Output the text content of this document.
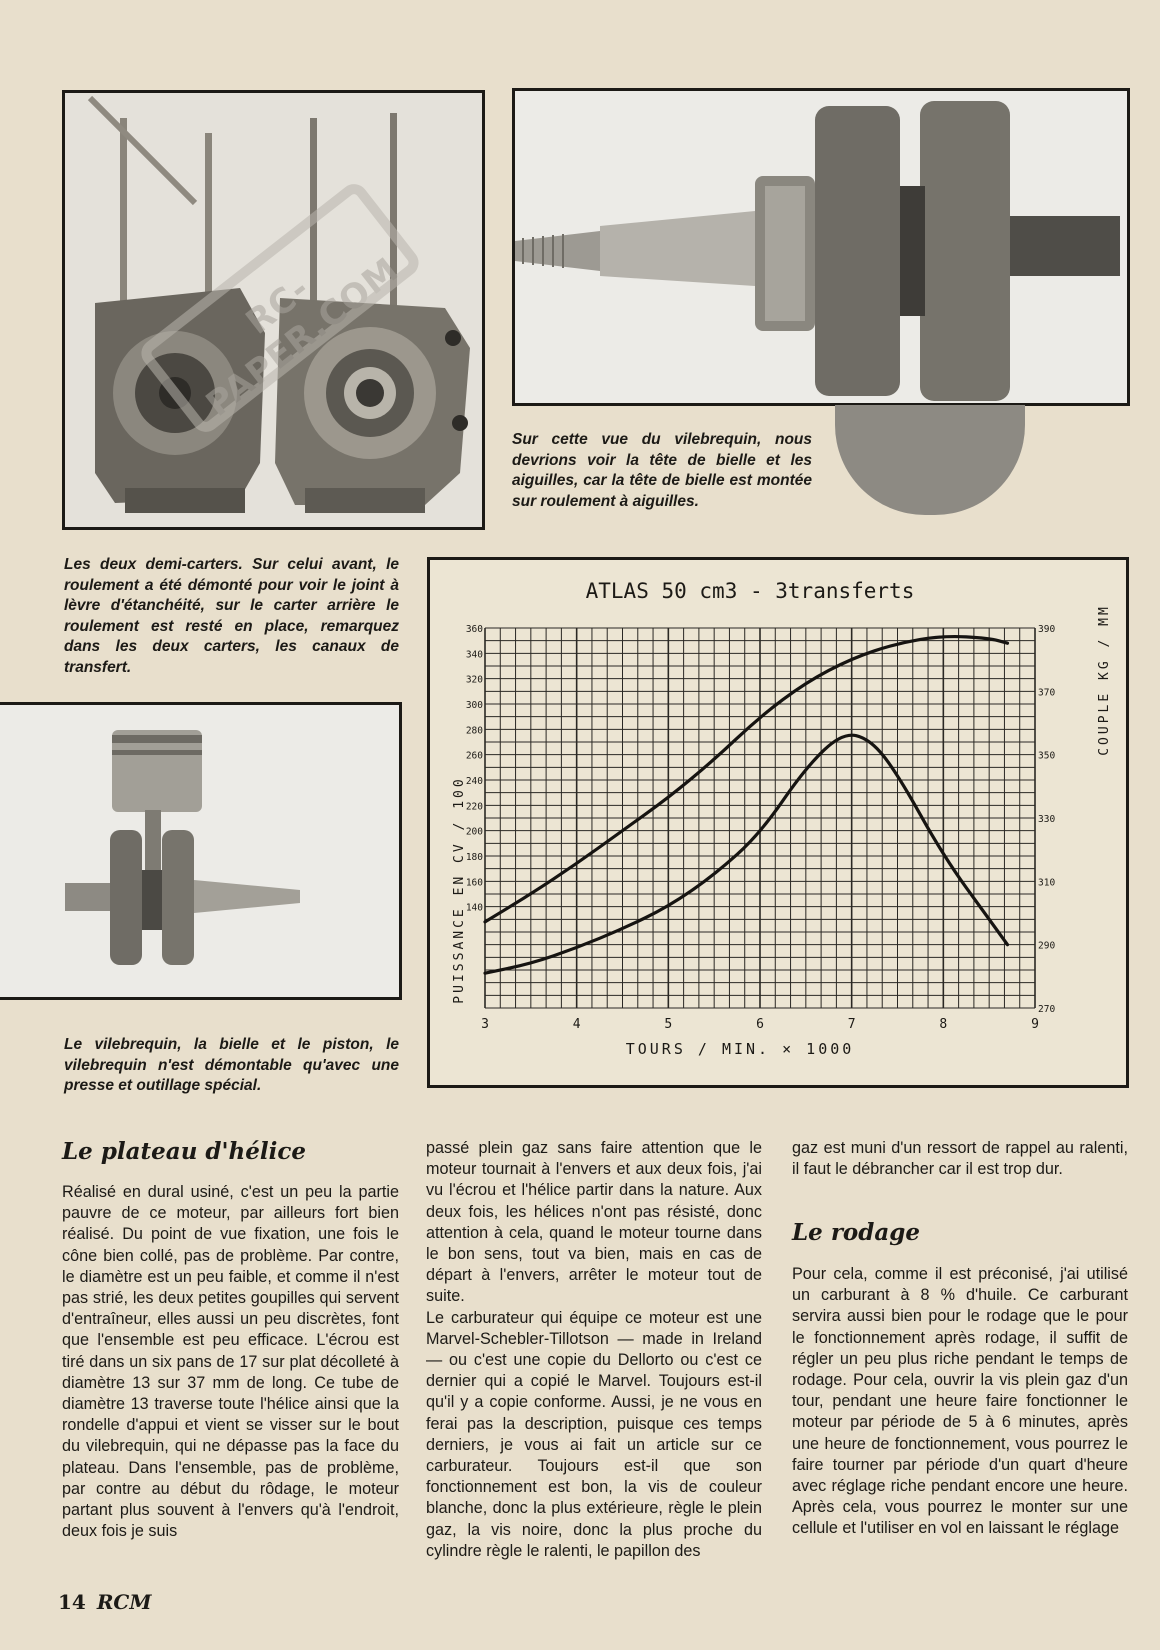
RC-PAPER.COM
Sur cette vue du vilebrequin, nous devrions voir la tête de bielle et les aiguilles, car la tête de bielle est montée sur roulement à aiguilles.
Les deux demi-carters. Sur celui avant, le roulement a été démonté pour voir le joint à lèvre d'étanchéité, sur le carter arrière le roulement est resté en place, remarquez dans les deux carters, les canaux de transfert.
Le vilebrequin, la bielle et le piston, le vilebrequin n'est démontable qu'avec une presse et outillage spécial.
ATLAS 50 cm3 - 3transferts
3	4	5	6	7	8	9
140
160
180
200
220
240
260
280
300
320
340
360
270
290
310
330
350
370
390
TOURS / MIN. × 1000
PUISSANCE EN CV / 100
COUPLE KG / MM
Le plateau d'hélice

Réalisé en dural usiné, c'est un peu la partie pauvre de ce moteur, par ailleurs fort bien réalisé. Du point de vue fixation, une fois le cône bien collé, pas de problème. Par contre, le diamètre est un peu faible, et comme il n'est pas strié, les deux petites goupilles qui servent d'entraîneur, elles aussi un peu discrètes, font que l'ensemble est peu efficace. L'écrou est tiré dans un six pans de 17 sur plat décolleté à diamètre 13 sur 37 mm de long. Ce tube de diamètre 13 traverse toute l'hélice ainsi que la rondelle d'appui et vient se visser sur le bout du vilebrequin, qui ne dépasse pas la face du plateau. Dans l'ensemble, pas de problème, par contre au début du rôdage, le moteur partant plus souvent à l'envers qu'à l'endroit, deux fois je suis

passé plein gaz sans faire attention que le moteur tournait à l'envers et aux deux fois, j'ai vu l'écrou et l'hélice partir dans la nature. Aux deux fois, les hélices n'ont pas résisté, donc attention à cela, quand le moteur tourne dans le bon sens, tout va bien, mais en cas de départ à l'envers, arrêter le moteur tout de suite.

Le carburateur qui équipe ce moteur est une Marvel-Schebler-Tillotson — made in Ireland — ou c'est une copie du Dellorto ou c'est ce dernier qui a copié le Marvel. Toujours est-il qu'il y a copie conforme. Aussi, je ne vous en ferai pas la description, puisque ces temps derniers, je vous ai fait un article sur ce carburateur. Toujours est-il que son fonctionnement est bon, la vis de couleur blanche, donc la plus extérieure, règle le plein gaz, la vis noire, donc la plus proche du cylindre règle le ralenti, le papillon des

gaz est muni d'un ressort de rappel au ralenti, il faut le débrancher car il est trop dur.

Le rodage

Pour cela, comme il est préconisé, j'ai utilisé un carburant à 8 % d'huile. Ce carburant servira aussi bien pour le rodage que le pour le fonctionnement après rodage, il suffit de régler un peu plus riche pendant le temps de rodage. Pour cela, ouvrir la vis plein gaz d'un tour, pendant une heure faire fonctionner le moteur par période de 5 à 6 minutes, après une heure de fonctionnement, vous pourrez le faire tourner par période d'un quart d'heure avec réglage riche pendant encore une heure. Après cela, vous pourrez le monter sur une cellule et l'utiliser en vol en laissant le réglage

14 RCM
